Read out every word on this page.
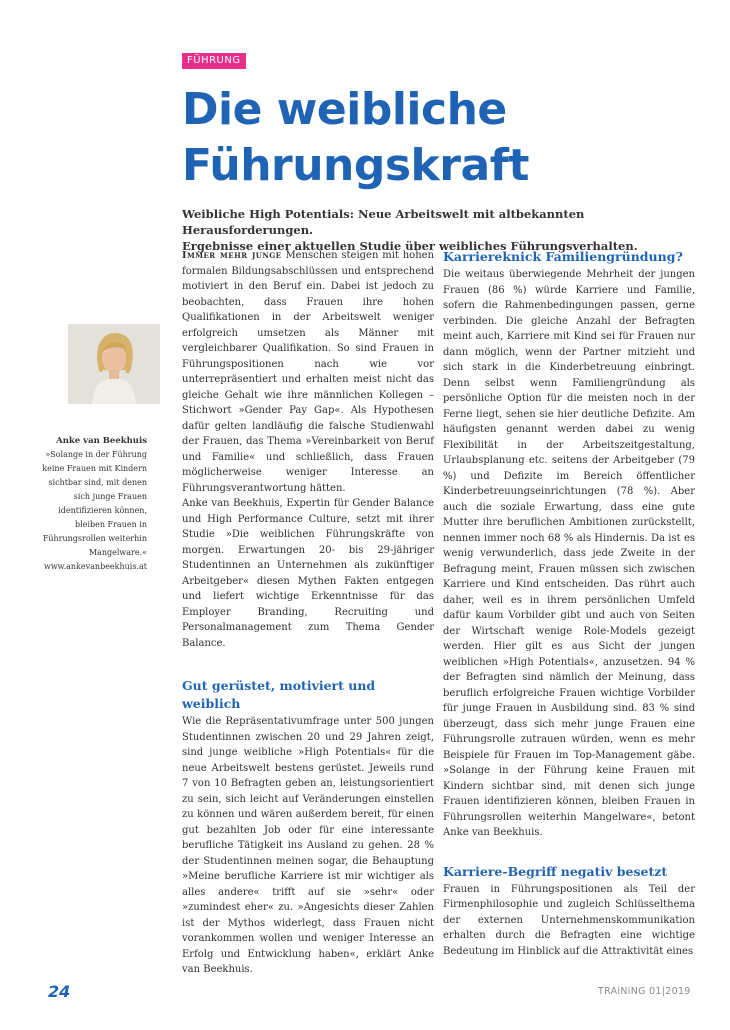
FÜHRUNG
Die weibliche
Führungskraft
Weibliche High Potentials: Neue Arbeitswelt mit altbekannten Herausforderungen.
Ergebnisse einer aktuellen Studie über weibliches Führungsverhalten.
Anke van Beekhuis
»Solange in der Führung keine Frauen mit Kindern sichtbar sind, mit denen sich junge Frauen identifizieren können, bleiben Frauen in Führungsrollen weiterhin Mangelware.«
www.ankevanbeekhuis.at

Immer mehr junge Menschen steigen mit hohen formalen Bildungsabschlüssen und entsprechend motiviert in den Beruf ein. Dabei ist jedoch zu beobachten, dass Frauen ihre hohen Qualifikationen in der Arbeitswelt weniger erfolgreich umsetzen als Männer mit vergleichbarer Qualifikation. So sind Frauen in Führungspositionen nach wie vor unterrepräsentiert und erhalten meist nicht das gleiche Gehalt wie ihre männlichen Kollegen – Stichwort »Gender Pay Gap«. Als Hypothesen dafür gelten landläufig die falsche Studienwahl der Frauen, das Thema »Vereinbarkeit von Beruf und Familie« und schließlich, dass Frauen möglicherweise weniger Interesse an Führungsverantwortung hätten.

Anke van Beekhuis, Expertin für Gender Balance und High Performance Culture, setzt mit ihrer Studie »Die weiblichen Führungskräfte von morgen. Erwartungen 20- bis 29-jähriger Studentinnen an Unternehmen als zukünftiger Arbeitgeber« diesen Mythen Fakten entgegen und liefert wichtige Erkenntnisse für das Employer Branding, Recruiting und Personalmanagement zum Thema Gender Balance.

Gut gerüstet, motiviert und weiblich

Wie die Repräsentativumfrage unter 500 jungen Studentinnen zwischen 20 und 29 Jahren zeigt, sind junge weibliche »High Potentials« für die neue Arbeitswelt bestens gerüstet. Jeweils rund 7 von 10 Befragten geben an, leistungsorientiert zu sein, sich leicht auf Veränderungen einstellen zu können und wären außerdem bereit, für einen gut bezahlten Job oder für eine interessante berufliche Tätigkeit ins Ausland zu gehen. 28 % der Studentinnen meinen sogar, die Behauptung »Meine berufliche Karriere ist mir wichtiger als alles andere« trifft auf sie »sehr« oder »zumindest eher« zu. »Angesichts dieser Zahlen ist der Mythos widerlegt, dass Frauen nicht vorankommen wollen und weniger Interesse an Erfolg und Entwicklung haben«, erklärt Anke van Beekhuis.

Karriereknick Familiengründung?

Die weitaus überwiegende Mehrheit der jungen Frauen (86 %) würde Karriere und Familie, sofern die Rahmenbedingungen passen, gerne verbinden. Die gleiche Anzahl der Befragten meint auch, Karriere mit Kind sei für Frauen nur dann möglich, wenn der Partner mitzieht und sich stark in die Kinderbetreuung einbringt. Denn selbst wenn Familiengründung als persönliche Option für die meisten noch in der Ferne liegt, sehen sie hier deutliche Defizite. Am häufigsten genannt werden dabei zu wenig Flexibilität in der Arbeitszeitgestaltung, Urlaubsplanung etc. seitens der Arbeitgeber (79 %) und Defizite im Bereich öffentlicher Kinderbetreuungseinrichtungen (78 %). Aber auch die soziale Erwartung, dass eine gute Mutter ihre beruflichen Ambitionen zurückstellt, nennen immer noch 68 % als Hindernis. Da ist es wenig verwunderlich, dass jede Zweite in der Befragung meint, Frauen müssen sich zwischen Karriere und Kind entscheiden. Das rührt auch daher, weil es in ihrem persönlichen Umfeld dafür kaum Vorbilder gibt und auch von Seiten der Wirtschaft wenige Role-Models gezeigt werden. Hier gilt es aus Sicht der jungen weiblichen »High Potentials«, anzusetzen. 94 % der Befragten sind nämlich der Meinung, dass beruflich erfolgreiche Frauen wichtige Vorbilder für junge Frauen in Ausbildung sind. 83 % sind überzeugt, dass sich mehr junge Frauen eine Führungsrolle zutrauen würden, wenn es mehr Beispiele für Frauen im Top-Management gäbe. »Solange in der Führung keine Frauen mit Kindern sichtbar sind, mit denen sich junge Frauen identifizieren können, bleiben Frauen in Führungsrollen weiterhin Mangelware«, betont Anke van Beekhuis.

Karriere-Begriff negativ besetzt

Frauen in Führungspositionen als Teil der Firmenphilosophie und zugleich Schlüsselthema der externen Unternehmenskommunikation erhalten durch die Befragten eine wichtige Bedeutung im Hinblick auf die Attraktivität eines

24	TRAiNiNG 01|2019
